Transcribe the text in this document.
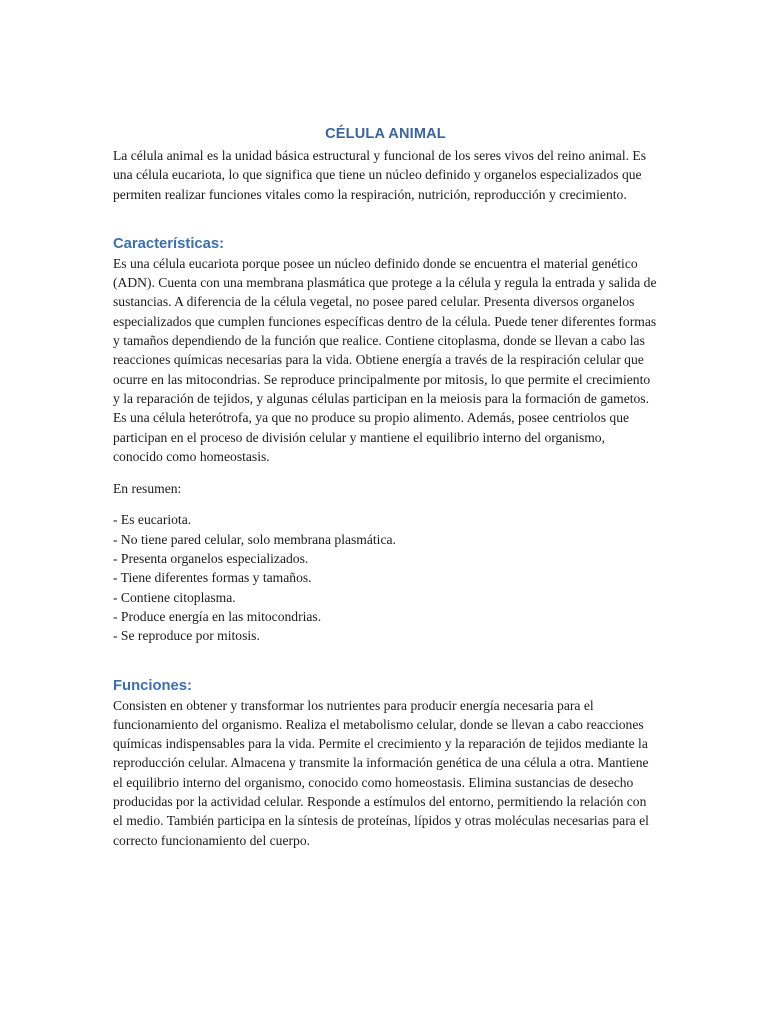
CÉLULA ANIMAL

La célula animal es la unidad básica estructural y funcional de los seres vivos del reino animal. Es una célula eucariota, lo que significa que tiene un núcleo definido y organelos especializados que permiten realizar funciones vitales como la respiración, nutrición, reproducción y crecimiento.

Características:

Es una célula eucariota porque posee un núcleo definido donde se encuentra el material genético (ADN). Cuenta con una membrana plasmática que protege a la célula y regula la entrada y salida de sustancias. A diferencia de la célula vegetal, no posee pared celular. Presenta diversos organelos especializados que cumplen funciones específicas dentro de la célula. Puede tener diferentes formas y tamaños dependiendo de la función que realice. Contiene citoplasma, donde se llevan a cabo las reacciones químicas necesarias para la vida. Obtiene energía a través de la respiración celular que ocurre en las mitocondrias. Se reproduce principalmente por mitosis, lo que permite el crecimiento y la reparación de tejidos, y algunas células participan en la meiosis para la formación de gametos. Es una célula heterótrofa, ya que no produce su propio alimento. Además, posee centriolos que participan en el proceso de división celular y mantiene el equilibrio interno del organismo, conocido como homeostasis.

En resumen:

- Es eucariota.
- No tiene pared celular, solo membrana plasmática.
- Presenta organelos especializados.
- Tiene diferentes formas y tamaños.
- Contiene citoplasma.
- Produce energía en las mitocondrias.
- Se reproduce por mitosis.
Funciones:

Consisten en obtener y transformar los nutrientes para producir energía necesaria para el funcionamiento del organismo. Realiza el metabolismo celular, donde se llevan a cabo reacciones químicas indispensables para la vida. Permite el crecimiento y la reparación de tejidos mediante la reproducción celular. Almacena y transmite la información genética de una célula a otra. Mantiene el equilibrio interno del organismo, conocido como homeostasis. Elimina sustancias de desecho producidas por la actividad celular. Responde a estímulos del entorno, permitiendo la relación con el medio. También participa en la síntesis de proteínas, lípidos y otras moléculas necesarias para el correcto funcionamiento del cuerpo.
